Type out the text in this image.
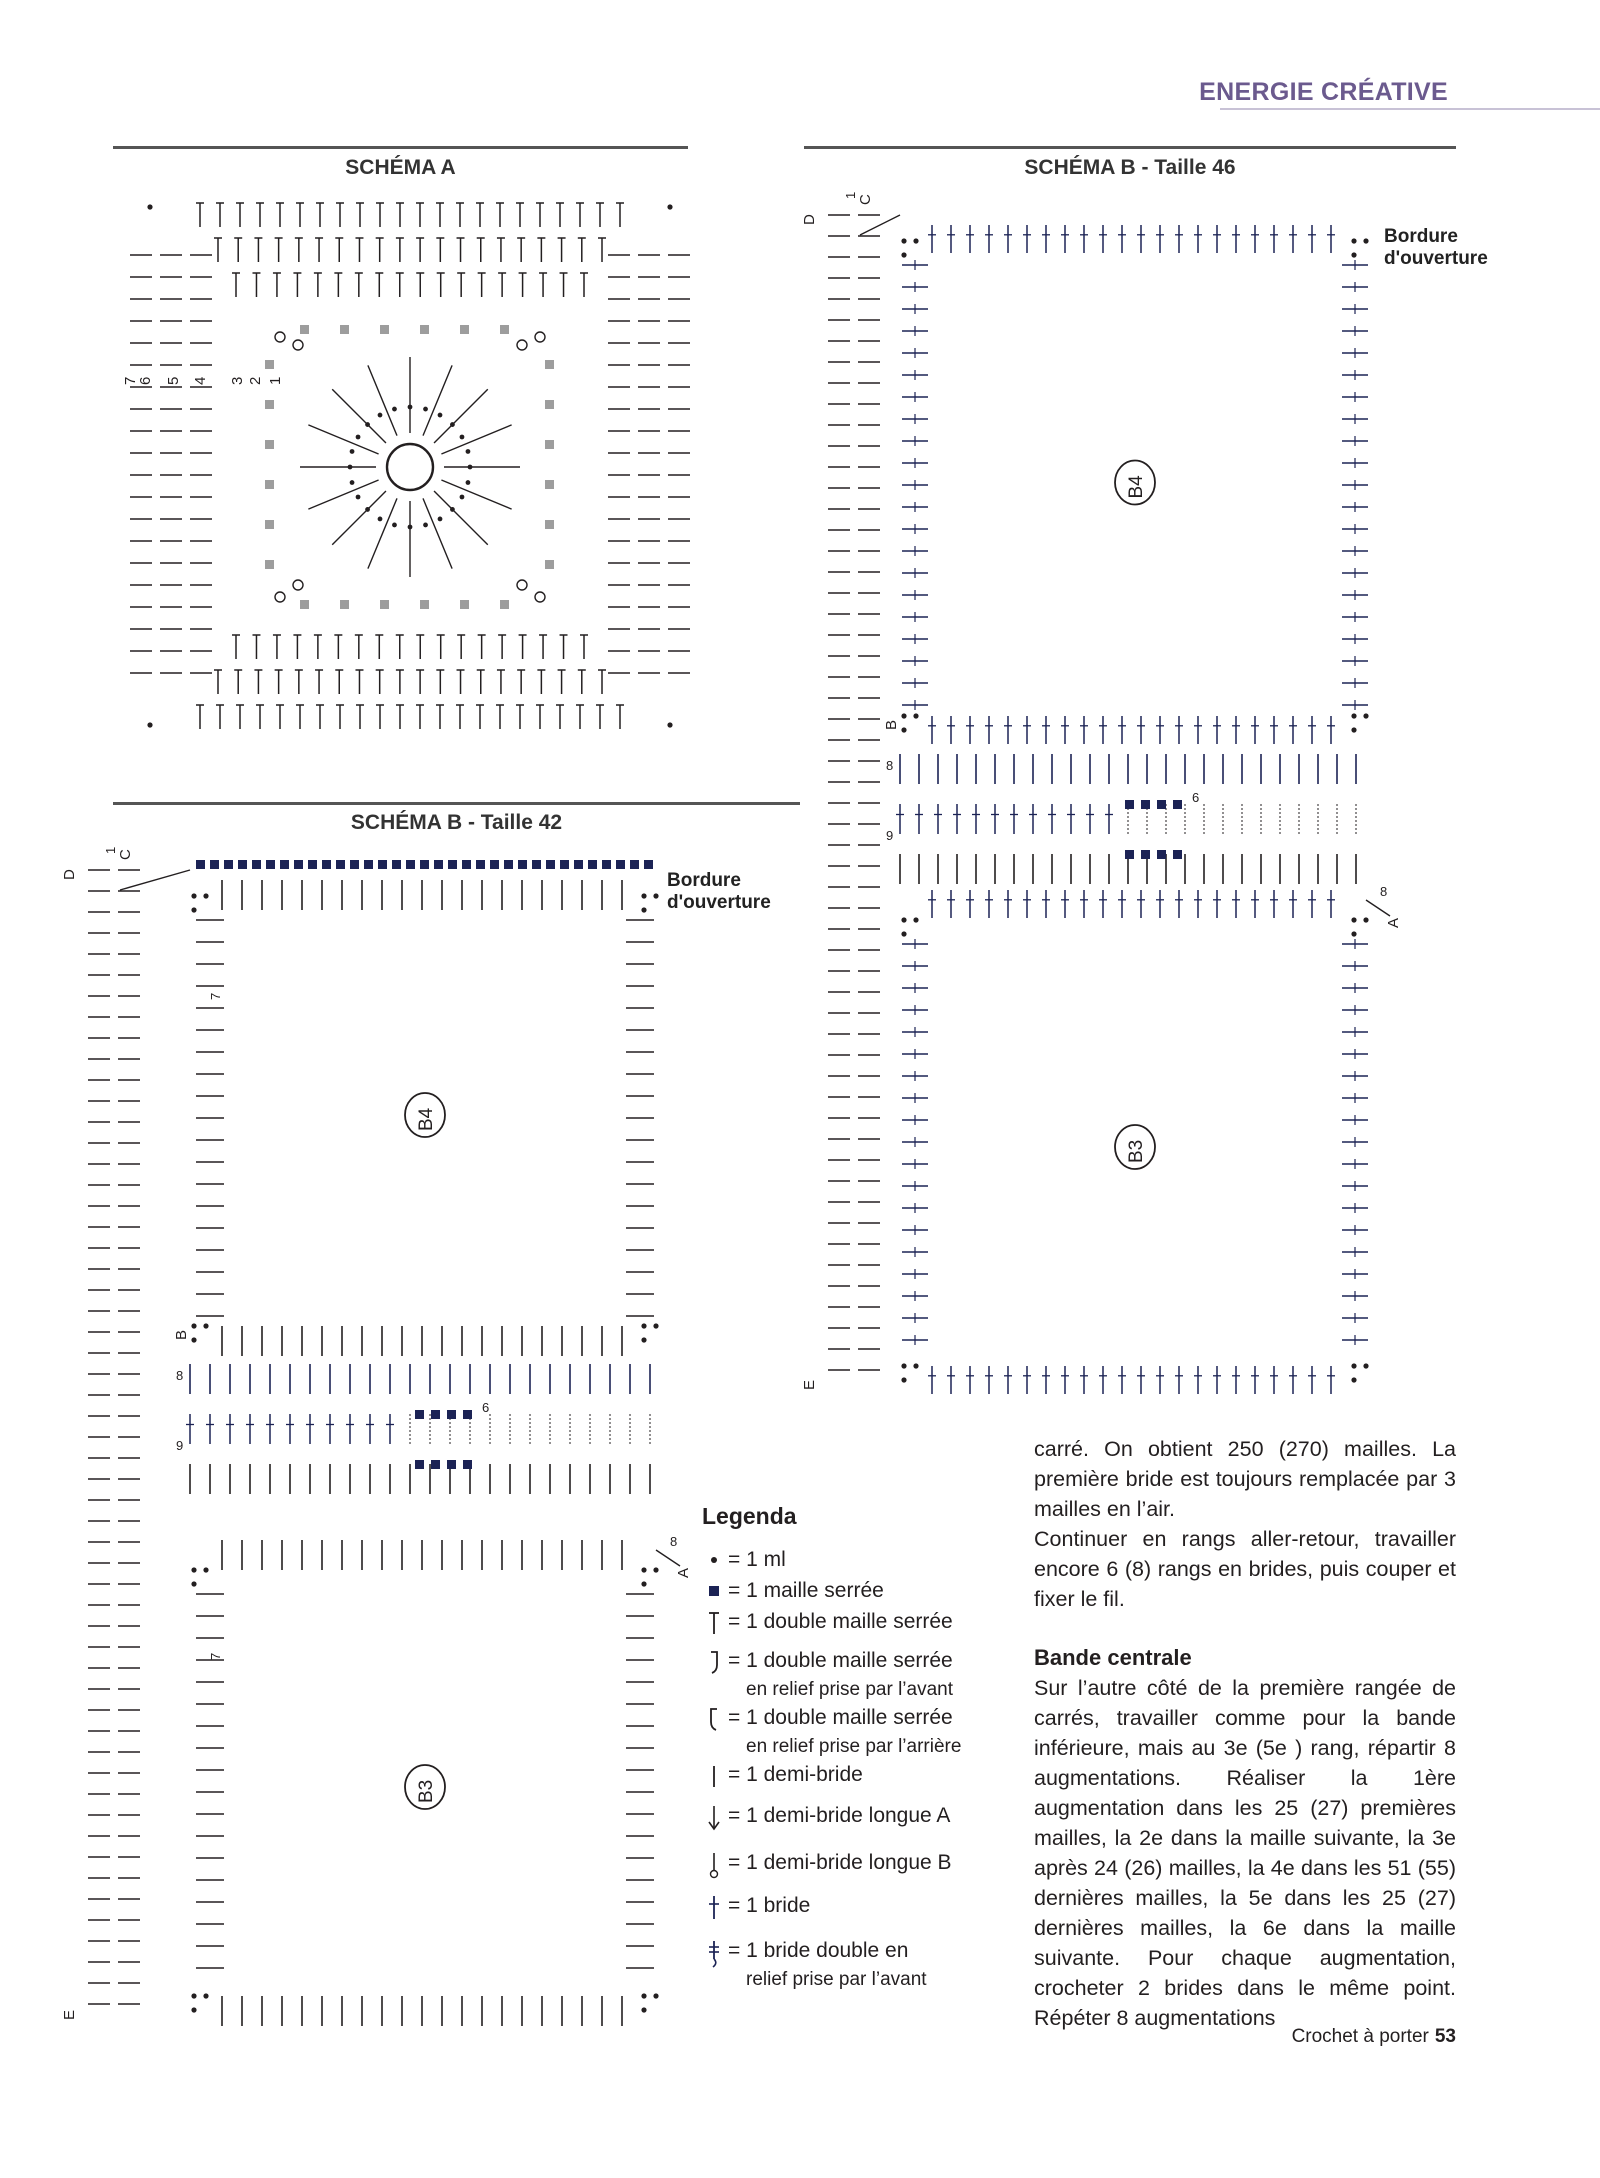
ENERGIE CRÉATIVE
SCHÉMA A
1
2
3
4
5
6
7
SCHÉMA B - Taille 42
B4
B3
1 C
D
B
8
6
9
8
A
E
7
7
Bordure
d'ouverture
SCHÉMA B - Taille 46
B4
B3
1 C
D
B
8
6
9
8
A
E
Bordure
d'ouverture
Legenda
= 1 ml
= 1 maille serrée
= 1 double maille serrée
= 1 double maille serrée
en relief prise par l’avant
= 1 double maille serrée
en relief prise par l’arrière
= 1 demi-bride
= 1 demi-bride longue A
= 1 demi-bride longue B
= 1 bride
= 1 bride double en
relief prise par l’avant
carré. On obtient 250 (270) mailles. La première bride est toujours remplacée par 3 mailles en l’air.
Continuer en rangs aller-retour, travailler encore 6 (8) rangs en brides, puis couper et fixer le fil.
Bande centrale
Sur l’autre côté de la première rangée de carrés, travailler comme pour la bande inférieure, mais au 3e (5e ) rang, répartir 8 augmentations. Réaliser la 1ère augmentation dans les 25 (27) premières mailles, la 2e dans la maille suivante, la 3e après 24 (26) mailles, la 4e dans les 51 (55) dernières mailles, la 5e dans les 25 (27) dernières mailles, la 6e dans la maille suivante. Pour chaque augmentation, crocheter 2 brides dans le même point. Répéter 8 augmentations
Crochet à porter 53
